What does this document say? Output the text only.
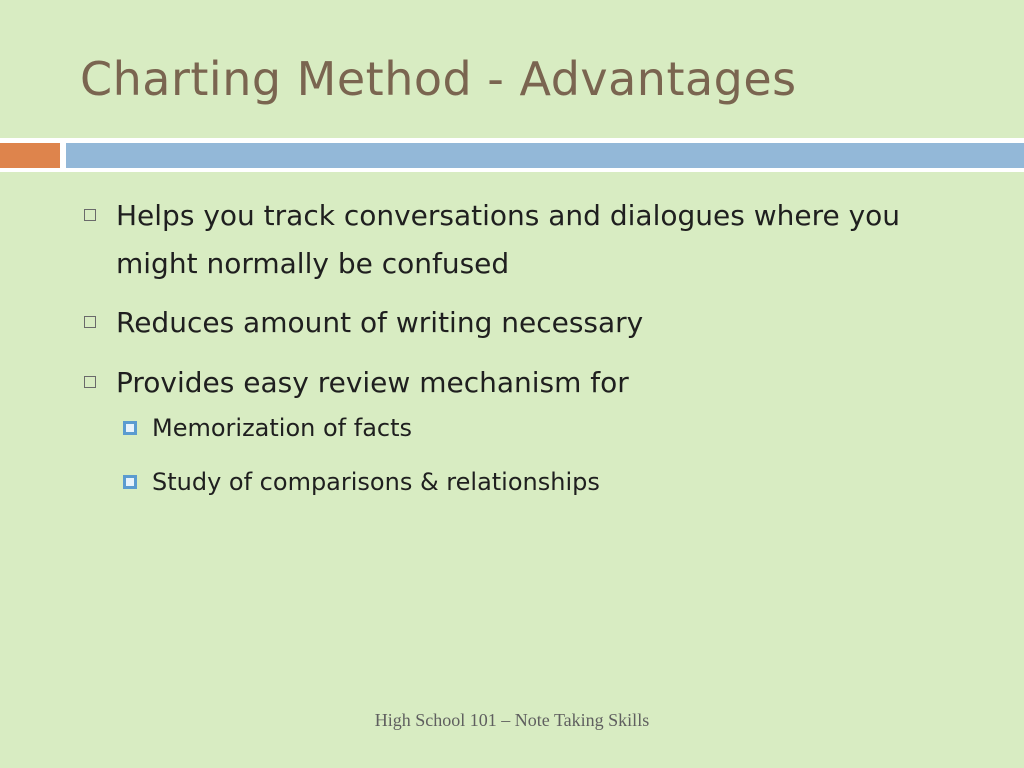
Charting Method - Advantages
Helps you track conversations and dialogues where you might normally be confused
Reduces amount of writing necessary
Provides easy review mechanism for
Memorization of facts
Study of comparisons & relationships
High School 101 – Note Taking Skills
